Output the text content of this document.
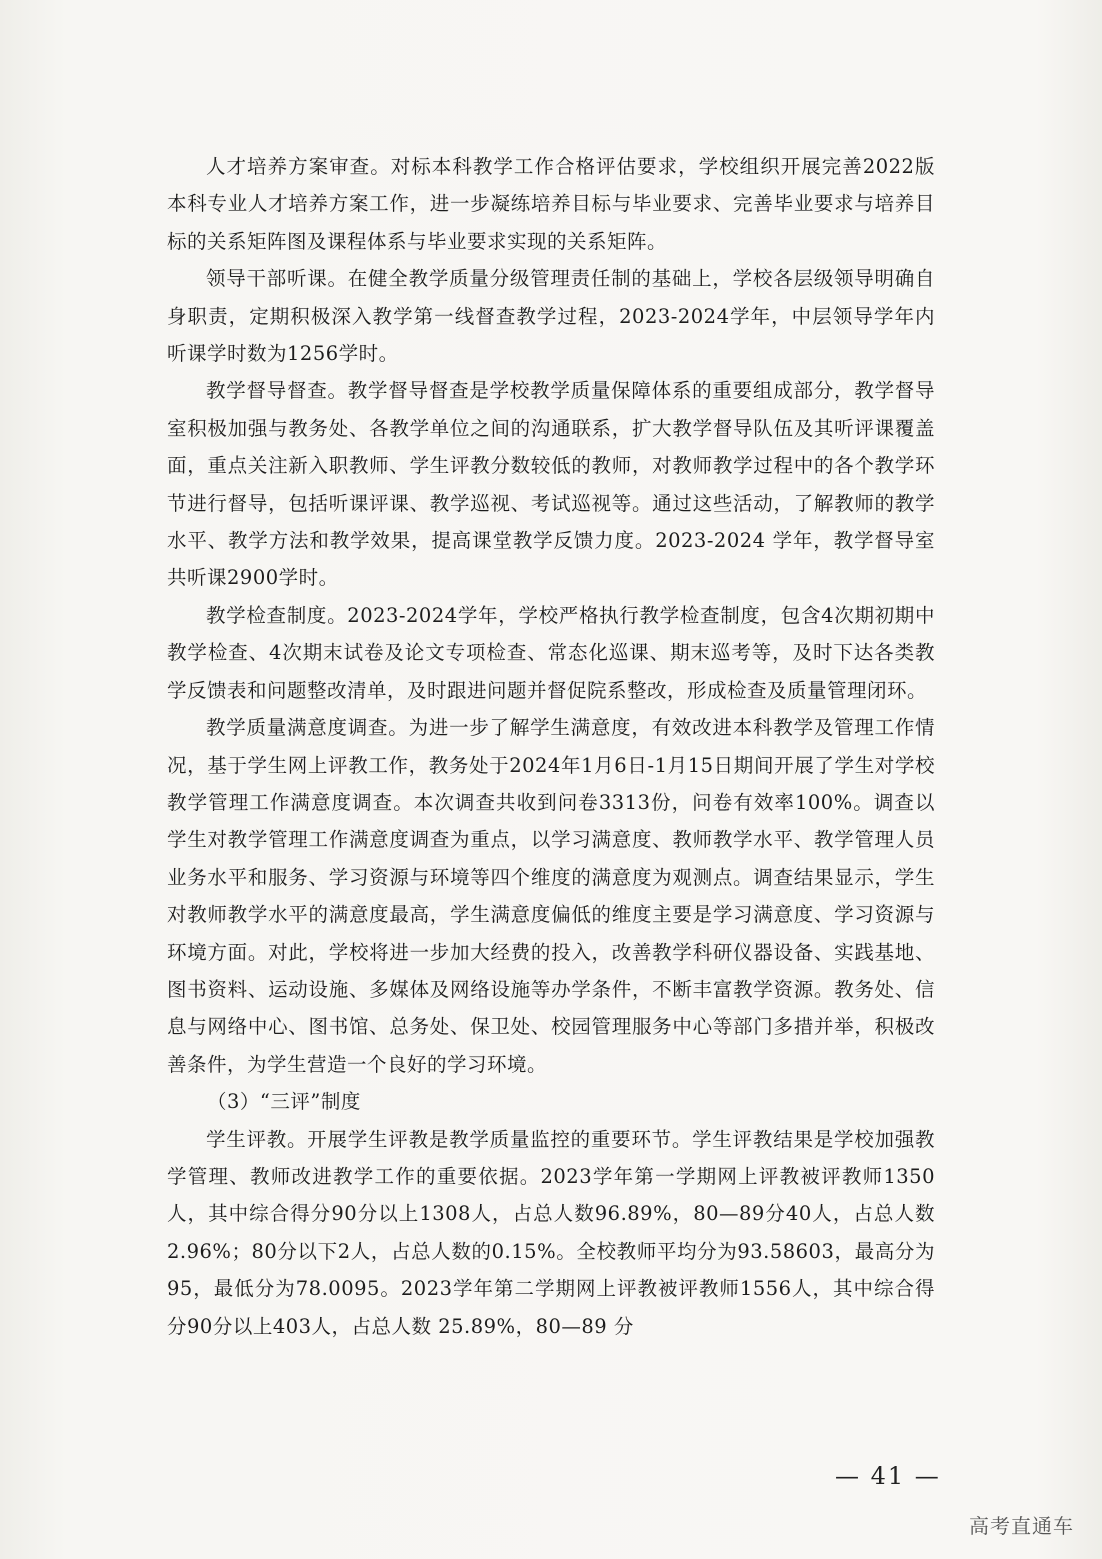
人才培养方案审查。对标本科教学工作合格评估要求，学校组织开展完善2022版本科专业人才培养方案工作，进一步凝练培养目标与毕业要求、完善毕业要求与培养目标的关系矩阵图及课程体系与毕业要求实现的关系矩阵。

领导干部听课。在健全教学质量分级管理责任制的基础上，学校各层级领导明确自身职责，定期积极深入教学第一线督查教学过程，2023-2024学年，中层领导学年内听课学时数为1256学时。

教学督导督查。教学督导督查是学校教学质量保障体系的重要组成部分，教学督导室积极加强与教务处、各教学单位之间的沟通联系，扩大教学督导队伍及其听评课覆盖面，重点关注新入职教师、学生评教分数较低的教师，对教师教学过程中的各个教学环节进行督导，包括听课评课、教学巡视、考试巡视等。通过这些活动，了解教师的教学水平、教学方法和教学效果，提高课堂教学反馈力度。2023-2024 学年，教学督导室共听课2900学时。

教学检查制度。2023-2024学年，学校严格执行教学检查制度，包含4次期初期中教学检查、4次期末试卷及论文专项检查、常态化巡课、期末巡考等，及时下达各类教学反馈表和问题整改清单，及时跟进问题并督促院系整改，形成检查及质量管理闭环。

教学质量满意度调查。为进一步了解学生满意度，有效改进本科教学及管理工作情况，基于学生网上评教工作，教务处于2024年1月6日-1月15日期间开展了学生对学校教学管理工作满意度调查。本次调查共收到问卷3313份，问卷有效率100%。调查以学生对教学管理工作满意度调查为重点，以学习满意度、教师教学水平、教学管理人员业务水平和服务、学习资源与环境等四个维度的满意度为观测点。调查结果显示，学生对教师教学水平的满意度最高，学生满意度偏低的维度主要是学习满意度、学习资源与环境方面。对此，学校将进一步加大经费的投入，改善教学科研仪器设备、实践基地、图书资料、运动设施、多媒体及网络设施等办学条件，不断丰富教学资源。教务处、信息与网络中心、图书馆、总务处、保卫处、校园管理服务中心等部门多措并举，积极改善条件，为学生营造一个良好的学习环境。

（3）“三评”制度

学生评教。开展学生评教是教学质量监控的重要环节。学生评教结果是学校加强教学管理、教师改进教学工作的重要依据。2023学年第一学期网上评教被评教师1350人，其中综合得分90分以上1308人，占总人数96.89%，80—89分40人，占总人数2.96%；80分以下2人，占总人数的0.15%。全校教师平均分为93.58603，最高分为95，最低分为78.0095。2023学年第二学期网上评教被评教师1556人，其中综合得分90分以上403人，占总人数 25.89%，80—89 分

— 41 —
高考直通车
